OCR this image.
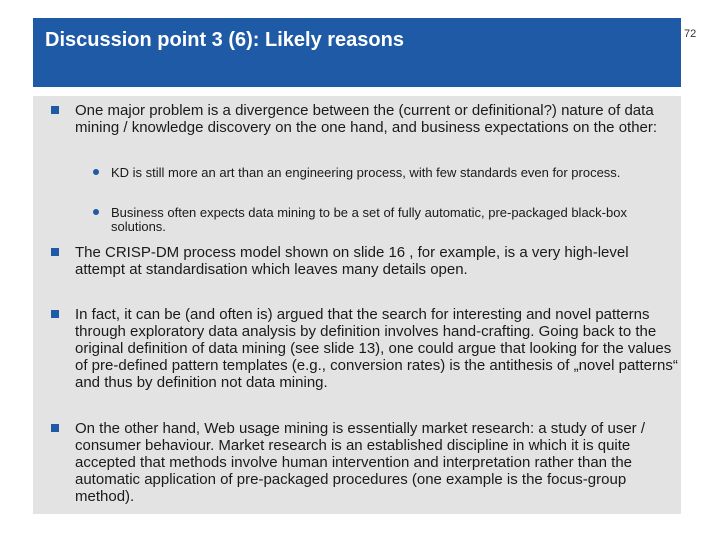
Discussion point 3 (6): Likely reasons	72
One major problem is a divergence between the (current or definitional?) nature of data mining / knowledge discovery on the one hand, and business expectations on the other:
KD is still more an art than an engineering process, with few standards even for process.
Business often expects data mining to be a set of fully automatic, pre-packaged black-box solutions.
The CRISP-DM process model shown on slide 16 , for example, is a very high-level attempt at standardisation which leaves many details open.
In fact, it can be (and often is) argued that the search for interesting and novel patterns through exploratory data analysis by definition involves hand-crafting. Going back to the original definition of data mining (see slide 13), one could argue that looking for the values of pre-defined pattern templates (e.g., conversion rates) is the antithesis of „novel patterns“ and thus by definition not data mining.
On the other hand, Web usage mining is essentially market research: a study of user / consumer behaviour. Market research is an established discipline in which it is quite accepted that methods involve human intervention and interpretation rather than the automatic application of pre-packaged procedures (one example is the focus-group method).
